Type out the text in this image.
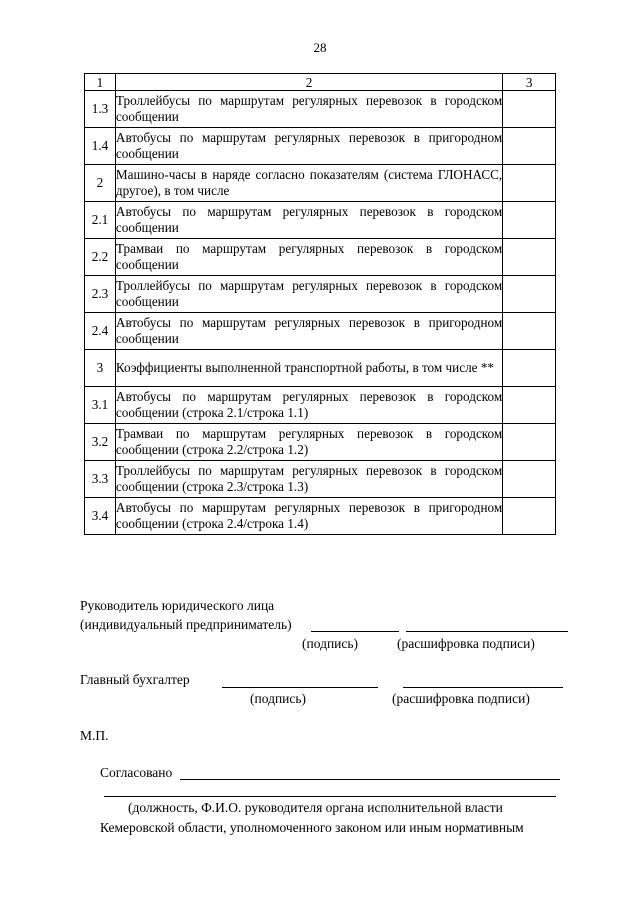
28
1	2	3
1.3	Троллейбусы по маршрутам регулярных перевозок в городском сообщении	
1.4	Автобусы по маршрутам регулярных перевозок в пригородном сообщении	
2	Машино-часы в наряде согласно показателям (система ГЛОНАСС, другое), в том числе	
2.1	Автобусы по маршрутам регулярных перевозок в городском сообщении	
2.2	Трамваи по маршрутам регулярных перевозок в городском сообщении	
2.3	Троллейбусы по маршрутам регулярных перевозок в городском сообщении	
2.4	Автобусы по маршрутам регулярных перевозок в пригородном сообщении	
3	Коэффициенты выполненной транспортной работы, в том числе **	
3.1	Автобусы по маршрутам регулярных перевозок в городском сообщении (строка 2.1/строка 1.1)	
3.2	Трамваи по маршрутам регулярных перевозок в городском сообщении (строка 2.2/строка 1.2)	
3.3	Троллейбусы по маршрутам регулярных перевозок в городском сообщении (строка 2.3/строка 1.3)	
3.4	Автобусы по маршрутам регулярных перевозок в пригородном сообщении (строка 2.4/строка 1.4)	
Руководитель юридического лица
(индивидуальный предприниматель)
(подпись)	(расшифровка подписи)
Главный бухгалтер
(подпись)	(расшифровка подписи)
М.П.
Согласовано
(должность, Ф.И.О. руководителя органа исполнительной власти
Кемеровской области, уполномоченного законом или иным нормативным
